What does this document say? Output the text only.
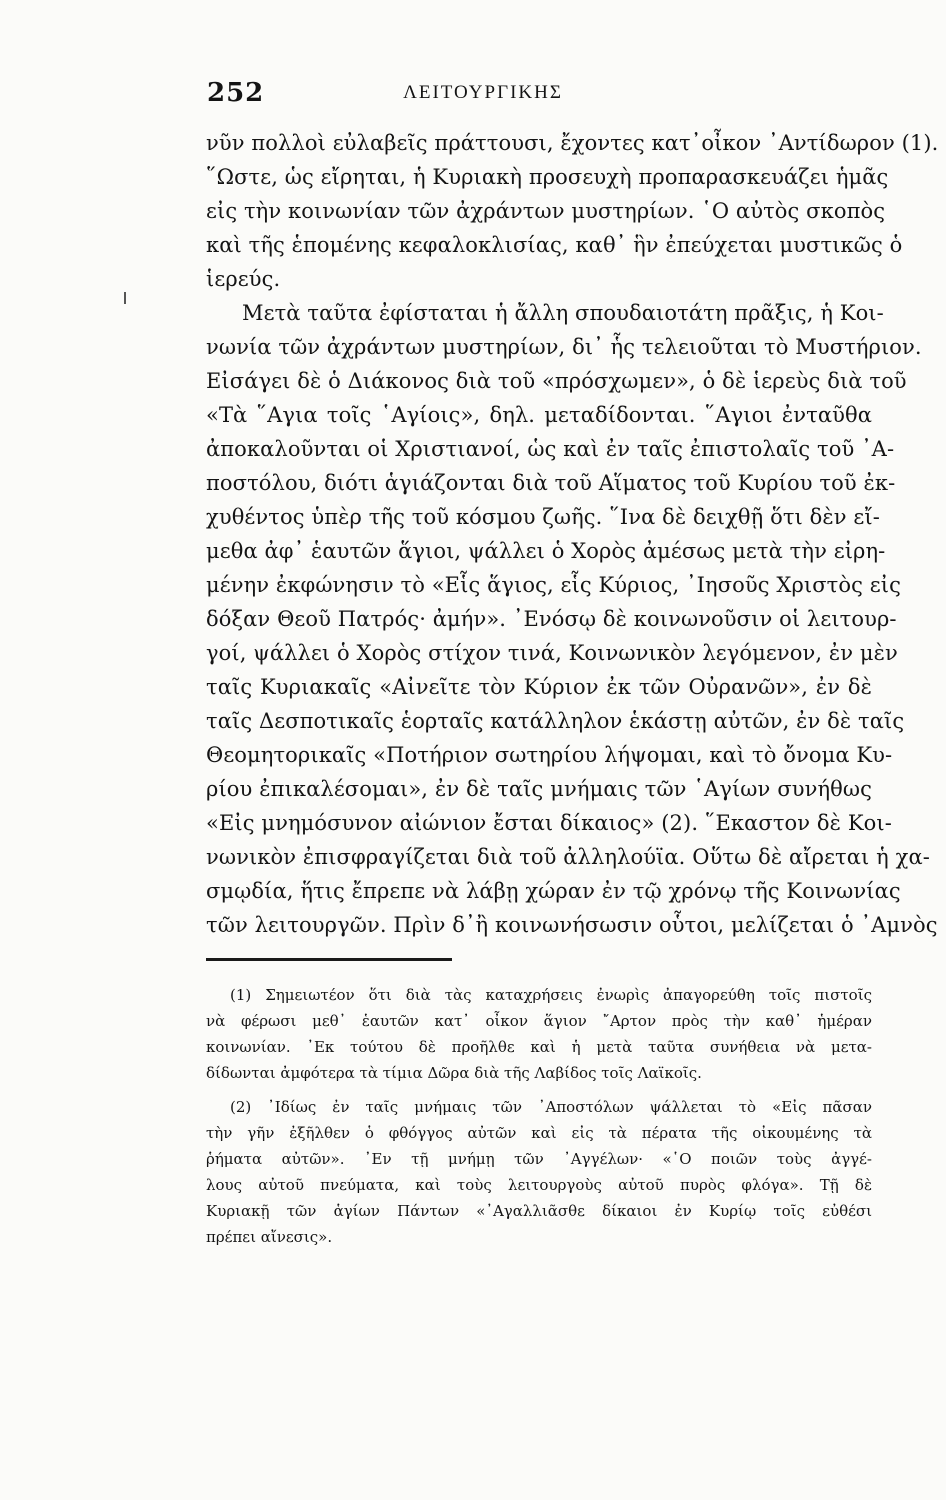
252	ΛΕΙΤΟΥΡΓΙΚΗΣ
νῦν πολλοὶ εὐλαβεῖς πράττουσι, ἔχοντες κατ᾽οἶκον ᾽Αντίδωρον (1).
῞Ωστε, ὡς εἴρηται, ἡ Κυριακὴ προσευχὴ προπαρασκευάζει ἡμᾶς
εἰς τὴν κοινωνίαν τῶν ἀχράντων μυστηρίων. ῾Ο αὐτὸς σκοπὸς
καὶ τῆς ἑπομένης κεφαλοκλισίας, καθ᾽ ἣν ἐπεύχεται μυστικῶς ὁ
ἱερεύς.
Μετὰ ταῦτα ἐφίσταται ἡ ἄλλη σπουδαιοτάτη πρᾶξις, ἡ Κοι-
νωνία τῶν ἀχράντων μυστηρίων, δι᾽ ἧς τελειοῦται τὸ Μυστήριον.
Εἰσάγει δὲ ὁ Διάκονος διὰ τοῦ «πρόσχωμεν», ὁ δὲ ἱερεὺς διὰ τοῦ
«Τὰ ῞Αγια τοῖς ῾Αγίοις», δηλ. μεταδίδονται. ῞Αγιοι ἐνταῦθα
ἀποκαλοῦνται οἱ Χριστιανοί, ὡς καὶ ἐν ταῖς ἐπιστολαῖς τοῦ ᾽Α-
ποστόλου, διότι ἁγιάζονται διὰ τοῦ Αἵματος τοῦ Κυρίου τοῦ ἐκ-
χυθέντος ὑπὲρ τῆς τοῦ κόσμου ζωῆς. ῞Ινα δὲ δειχθῇ ὅτι δὲν εἴ-
μεθα ἀφ᾽ ἑαυτῶν ἅγιοι, ψάλλει ὁ Χορὸς ἀμέσως μετὰ τὴν εἰρη-
μένην ἐκφώνησιν τὸ «Εἷς ἅγιος, εἷς Κύριος, ᾽Ιησοῦς Χριστὸς εἰς
δόξαν Θεοῦ Πατρός· ἀμήν». ᾽Ενόσῳ δὲ κοινωνοῦσιν οἱ λειτουρ-
γοί, ψάλλει ὁ Χορὸς στίχον τινά, Κοινωνικὸν λεγόμενον, ἐν μὲν
ταῖς Κυριακαῖς «Αἰνεῖτε τὸν Κύριον ἐκ τῶν Οὐρανῶν», ἐν δὲ
ταῖς Δεσποτικαῖς ἑορταῖς κατάλληλον ἑκάστῃ αὐτῶν, ἐν δὲ ταῖς
Θεομητορικαῖς «Ποτήριον σωτηρίου λήψομαι, καὶ τὸ ὄνομα Κυ-
ρίου ἐπικαλέσομαι», ἐν δὲ ταῖς μνήμαις τῶν ῾Αγίων συνήθως
«Εἰς μνημόσυνον αἰώνιον ἔσται δίκαιος» (2). ῞Εκαστον δὲ Κοι-
νωνικὸν ἐπισφραγίζεται διὰ τοῦ ἀλληλούϊα. Οὕτω δὲ αἴρεται ἡ χα-
σμῳδία, ἥτις ἔπρεπε νὰ λάβῃ χώραν ἐν τῷ χρόνῳ τῆς Κοινωνίας
τῶν λειτουργῶν. Πρὶν δ᾽ἢ κοινωνήσωσιν οὗτοι, μελίζεται ὁ ᾽Αμνὸς
(1) Σημειωτέον ὅτι διὰ τὰς καταχρήσεις ἐνωρὶς ἀπαγορεύθη τοῖς πιστοῖς
νὰ φέρωσι μεθ᾽ ἑαυτῶν κατ᾽ οἶκον ἅγιον ῎Αρτον πρὸς τὴν καθ᾽ ἡμέραν
κοινωνίαν. ᾽Εκ τούτου δὲ προῆλθε καὶ ἡ μετὰ ταῦτα συνήθεια νὰ μετα-
δίδωνται ἀμφότερα τὰ τίμια Δῶρα διὰ τῆς Λαβίδος τοῖς Λαϊκοῖς.
(2) ᾽Ιδίως ἐν ταῖς μνήμαις τῶν ᾽Αποστόλων ψάλλεται τὸ «Εἰς πᾶσαν
τὴν γῆν ἐξῆλθεν ὁ φθόγγος αὐτῶν καὶ εἰς τὰ πέρατα τῆς οἰκουμένης τὰ
ῥήματα αὐτῶν». ᾽Εν τῇ μνήμῃ τῶν ᾽Αγγέλων· «῾Ο ποιῶν τοὺς ἀγγέ-
λους αὐτοῦ πνεύματα, καὶ τοὺς λειτουργοὺς αὐτοῦ πυρὸς φλόγα». Τῇ δὲ
Κυριακῇ τῶν ἁγίων Πάντων «᾽Αγαλλιᾶσθε δίκαιοι ἐν Κυρίῳ τοῖς εὐθέσι
πρέπει αἴνεσις».
